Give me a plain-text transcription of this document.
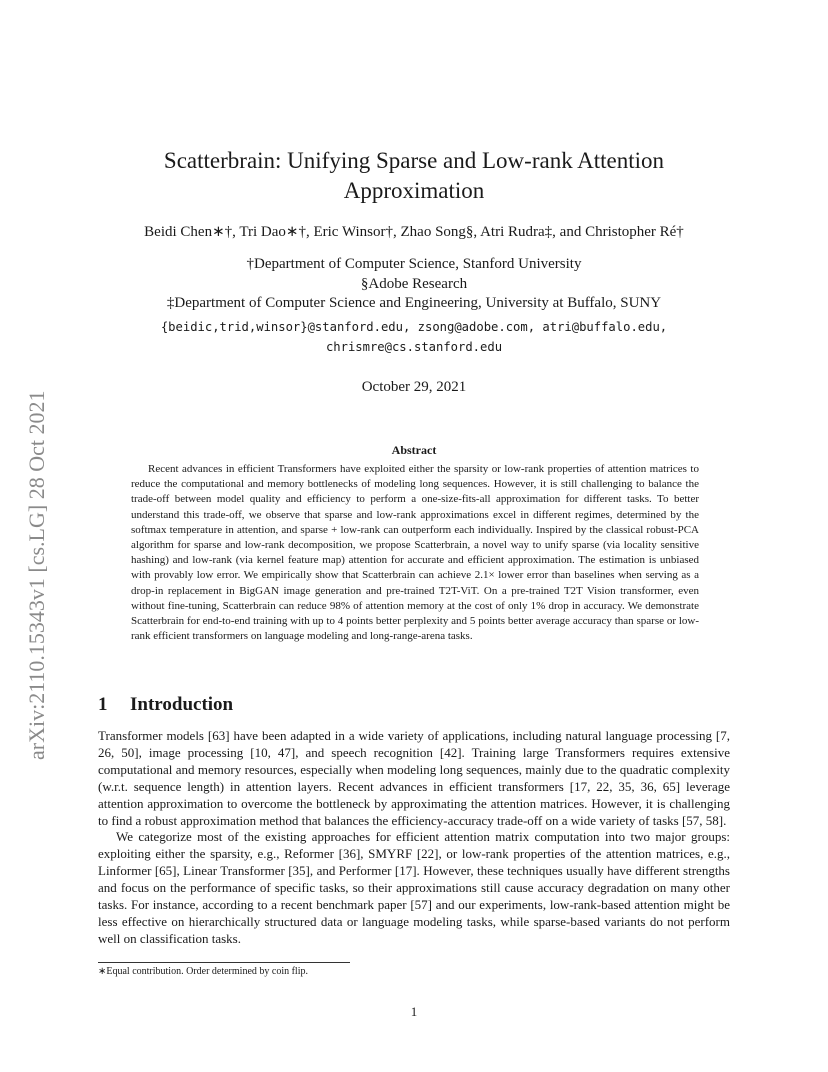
arXiv:2110.15343v1 [cs.LG] 28 Oct 2021
Scatterbrain: Unifying Sparse and Low-rank Attention
Approximation
Beidi Chen∗†, Tri Dao∗†, Eric Winsor†, Zhao Song§, Atri Rudra‡, and Christopher Ré†
†Department of Computer Science, Stanford University
§Adobe Research
‡Department of Computer Science and Engineering, University at Buffalo, SUNY
{beidic,trid,winsor}@stanford.edu, zsong@adobe.com, atri@buffalo.edu,
chrismre@cs.stanford.edu
October 29, 2021
Abstract

Recent advances in efficient Transformers have exploited either the sparsity or low-rank properties of attention matrices to reduce the computational and memory bottlenecks of modeling long sequences. However, it is still challenging to balance the trade-off between model quality and efficiency to perform a one-size-fits-all approximation for different tasks. To better understand this trade-off, we observe that sparse and low-rank approximations excel in different regimes, determined by the softmax temperature in attention, and sparse + low-rank can outperform each individually. Inspired by the classical robust-PCA algorithm for sparse and low-rank decomposition, we propose Scatterbrain, a novel way to unify sparse (via locality sensitive hashing) and low-rank (via kernel feature map) attention for accurate and efficient approximation. The estimation is unbiased with provably low error. We empirically show that Scatterbrain can achieve 2.1× lower error than baselines when serving as a drop-in replacement in BigGAN image generation and pre-trained T2T-ViT. On a pre-trained T2T Vision transformer, even without fine-tuning, Scatterbrain can reduce 98% of attention memory at the cost of only 1% drop in accuracy. We demonstrate Scatterbrain for end-to-end training with up to 4 points better perplexity and 5 points better average accuracy than sparse or low-rank efficient transformers on language modeling and long-range-arena tasks.

1 Introduction

Transformer models [63] have been adapted in a wide variety of applications, including natural language processing [7, 26, 50], image processing [10, 47], and speech recognition [42]. Training large Transformers requires extensive computational and memory resources, especially when modeling long sequences, mainly due to the quadratic complexity (w.r.t. sequence length) in attention layers. Recent advances in efficient transformers [17, 22, 35, 36, 65] leverage attention approximation to overcome the bottleneck by approximating the attention matrices. However, it is challenging to find a robust approximation method that balances the efficiency-accuracy trade-off on a wide variety of tasks [57, 58].

We categorize most of the existing approaches for efficient attention matrix computation into two major groups: exploiting either the sparsity, e.g., Reformer [36], SMYRF [22], or low-rank properties of the attention matrices, e.g., Linformer [65], Linear Transformer [35], and Performer [17]. However, these techniques usually have different strengths and focus on the performance of specific tasks, so their approximations still cause accuracy degradation on many other tasks. For instance, according to a recent benchmark paper [57] and our experiments, low-rank-based attention might be less effective on hierarchically structured data or language modeling tasks, while sparse-based variants do not perform well on classification tasks.

∗Equal contribution. Order determined by coin flip.
1
